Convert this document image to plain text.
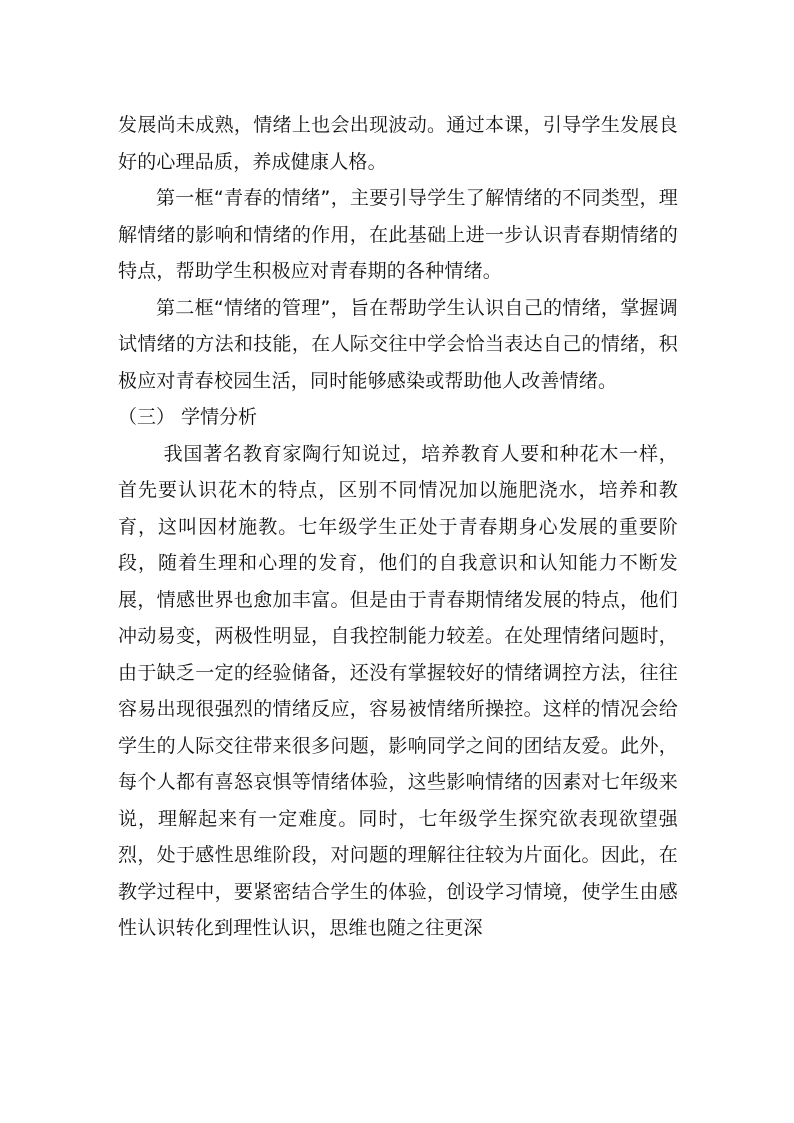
发展尚未成熟，情绪上也会出现波动。通过本课，引导学生发展良好的心理品质，养成健康人格。

第一框“青春的情绪”，主要引导学生了解情绪的不同类型，理解情绪的影响和情绪的作用，在此基础上进一步认识青春期情绪的特点，帮助学生积极应对青春期的各种情绪。

第二框“情绪的管理”，旨在帮助学生认识自己的情绪，掌握调试情绪的方法和技能，在人际交往中学会恰当表达自己的情绪，积极应对青春校园生活，同时能够感染或帮助他人改善情绪。

（三） 学情分析

我国著名教育家陶行知说过，培养教育人要和种花木一样，首先要认识花木的特点，区别不同情况加以施肥浇水，培养和教育，这叫因材施教。七年级学生正处于青春期身心发展的重要阶段，随着生理和心理的发育，他们的自我意识和认知能力不断发展，情感世界也愈加丰富。但是由于青春期情绪发展的特点，他们冲动易变，两极性明显，自我控制能力较差。在处理情绪问题时，由于缺乏一定的经验储备，还没有掌握较好的情绪调控方法，往往容易出现很强烈的情绪反应，容易被情绪所操控。这样的情况会给学生的人际交往带来很多问题，影响同学之间的团结友爱。此外，每个人都有喜怒哀惧等情绪体验，这些影响情绪的因素对七年级来说，理解起来有一定难度。同时，七年级学生探究欲表现欲望强烈，处于感性思维阶段，对问题的理解往往较为片面化。因此，在教学过程中，要紧密结合学生的体验，创设学习情境，使学生由感性认识转化到理性认识，思维也随之往更深
